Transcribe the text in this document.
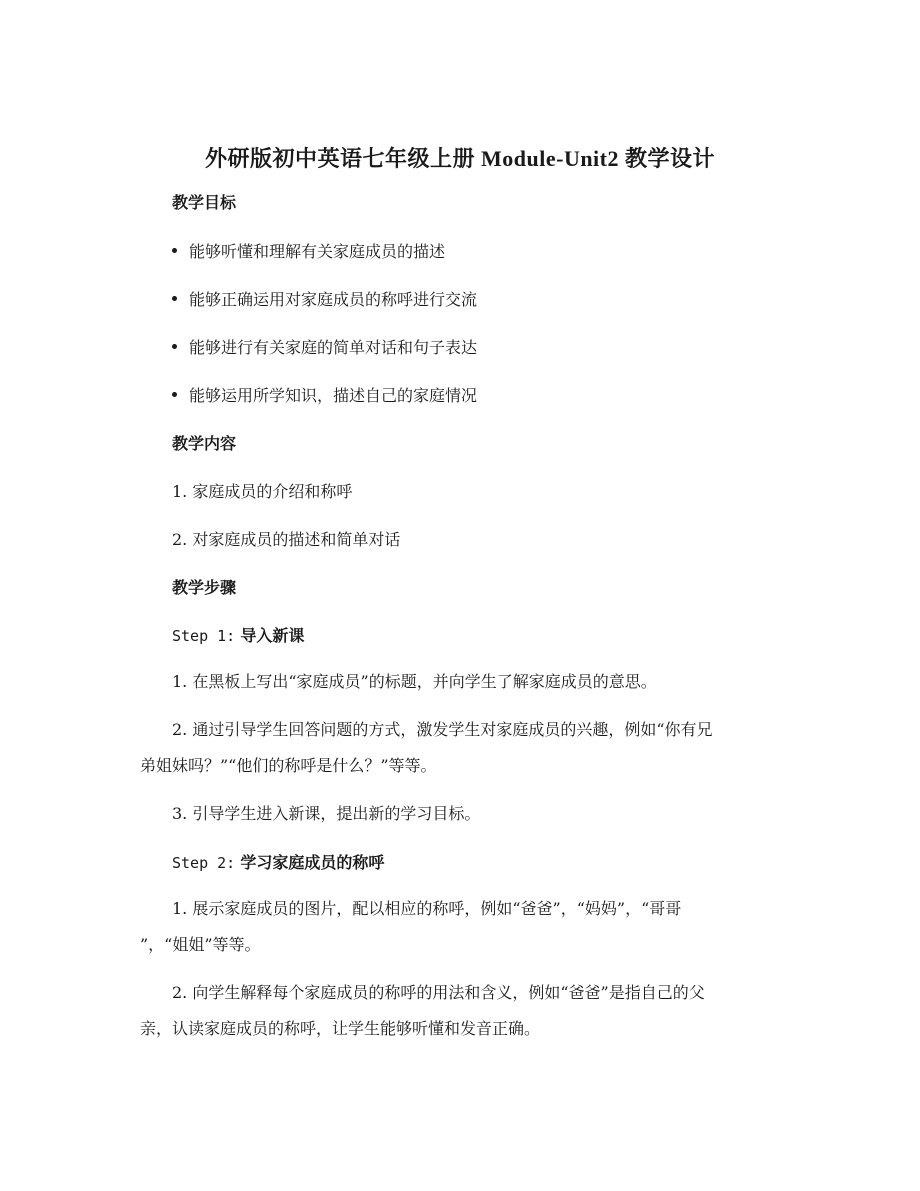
外研版初中英语七年级上册 Module-Unit2 教学设计
教学目标
能够听懂和理解有关家庭成员的描述
能够正确运用对家庭成员的称呼进行交流
能够进行有关家庭的简单对话和句子表达
能够运用所学知识，描述自己的家庭情况
教学内容
1. 家庭成员的介绍和称呼
2. 对家庭成员的描述和简单对话
教学步骤
Step 1: 导入新课
1. 在黑板上写出“家庭成员”的标题，并向学生了解家庭成员的意思。
2. 通过引导学生回答问题的方式，激发学生对家庭成员的兴趣，例如“你有兄
弟姐妹吗？”“他们的称呼是什么？”等等。
3. 引导学生进入新课，提出新的学习目标。
Step 2: 学习家庭成员的称呼
1. 展示家庭成员的图片，配以相应的称呼，例如“爸爸”，“妈妈”，“哥哥
”，“姐姐”等等。
2. 向学生解释每个家庭成员的称呼的用法和含义，例如“爸爸”是指自己的父
亲，认读家庭成员的称呼，让学生能够听懂和发音正确。
